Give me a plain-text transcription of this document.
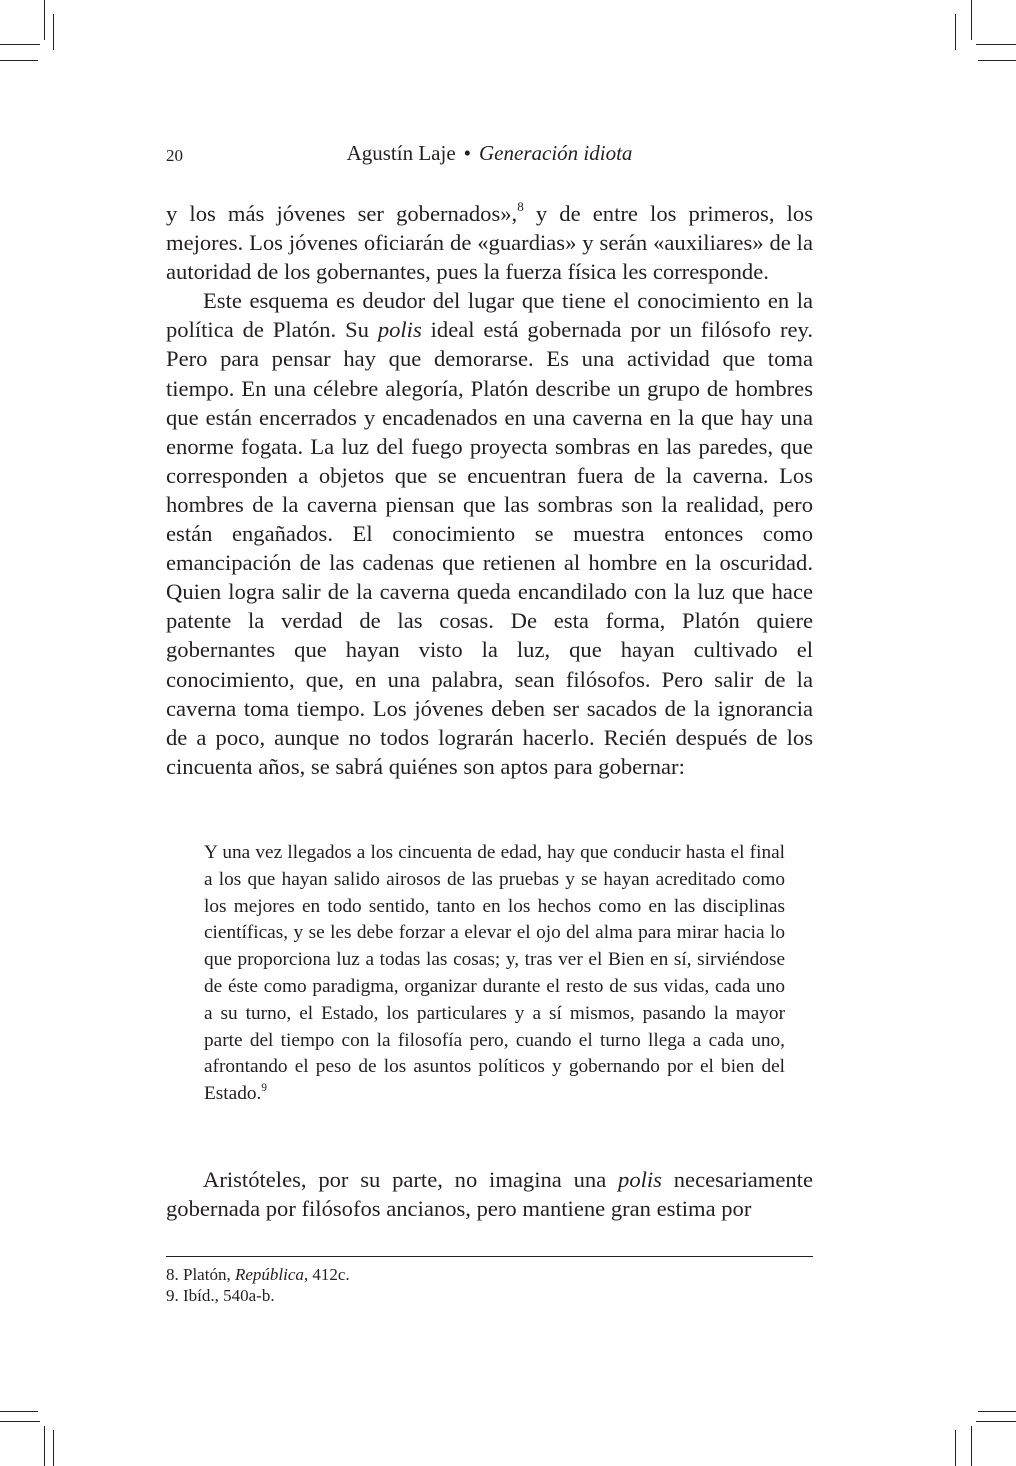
20	Agustín Laje • Generación idiota

y los más jóvenes ser gobernados»,$^8$ y de entre los primeros, los mejores. Los jóvenes oficiarán de «guardias» y serán «auxiliares» de la autoridad de los gobernantes, pues la fuerza física les corresponde.

Este esquema es deudor del lugar que tiene el conocimiento en la política de Platón. Su polis ideal está gobernada por un filósofo rey. Pero para pensar hay que demorarse. Es una actividad que toma tiempo. En una célebre alegoría, Platón describe un grupo de hombres que están encerrados y encadenados en una caverna en la que hay una enorme fogata. La luz del fuego proyecta sombras en las paredes, que corresponden a objetos que se encuentran fuera de la caverna. Los hombres de la caverna piensan que las sombras son la realidad, pero están engañados. El conocimiento se muestra entonces como emancipación de las cadenas que retienen al hombre en la oscuridad. Quien logra salir de la caverna queda encandilado con la luz que hace patente la verdad de las cosas. De esta forma, Platón quiere gobernantes que hayan visto la luz, que hayan cultivado el conocimiento, que, en una palabra, sean filósofos. Pero salir de la caverna toma tiempo. Los jóvenes deben ser sacados de la ignorancia de a poco, aunque no todos lograrán hacerlo. Recién después de los cincuenta años, se sabrá quiénes son aptos para gobernar:

Y una vez llegados a los cincuenta de edad, hay que conducir hasta el final a los que hayan salido airosos de las pruebas y se hayan acreditado como los mejores en todo sentido, tanto en los hechos como en las disciplinas científicas, y se les debe forzar a elevar el ojo del alma para mirar hacia lo que proporciona luz a todas las cosas; y, tras ver el Bien en sí, sirviéndose de éste como paradigma, organizar durante el resto de sus vidas, cada uno a su turno, el Estado, los particulares y a sí mismos, pasando la mayor parte del tiempo con la filosofía pero, cuando el turno llega a cada uno, afrontando el peso de los asuntos políticos y gobernando por el bien del Estado.$^9$

Aristóteles, por su parte, no imagina una polis necesariamente gobernada por filósofos ancianos, pero mantiene gran estima por

8. Platón, República, 412c.

9. Ibíd., 540a-b.
